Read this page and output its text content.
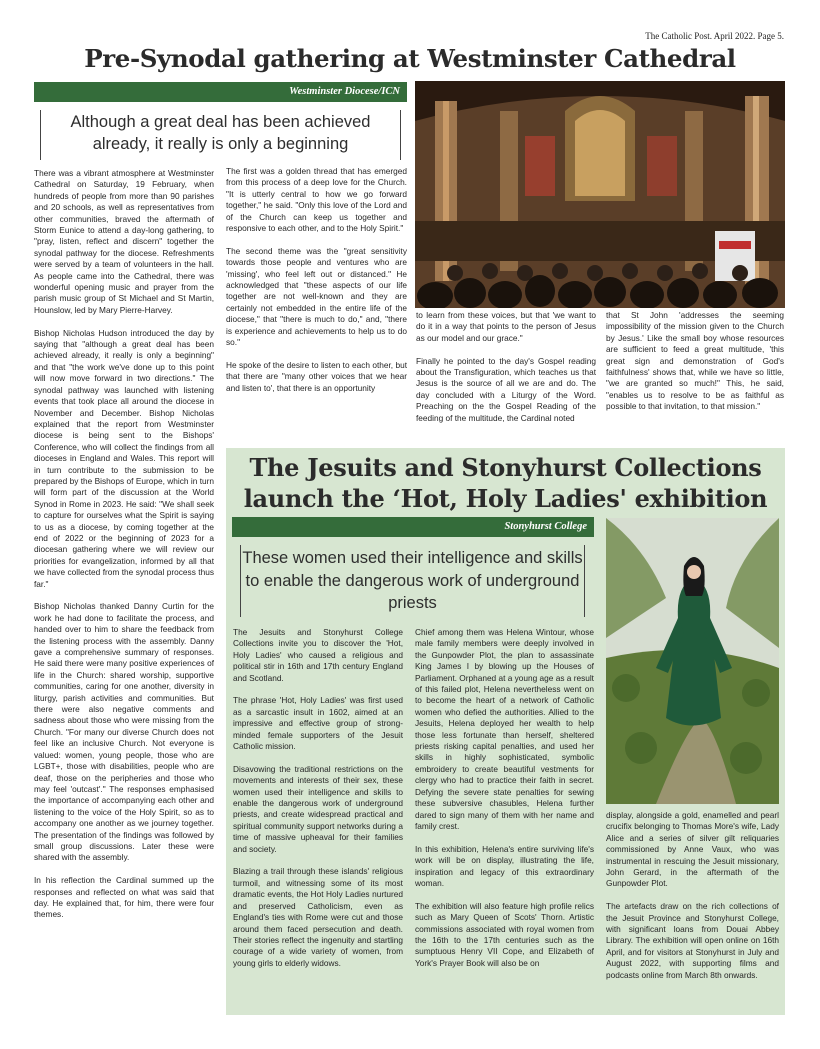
The Catholic Post. April 2022. Page 5.
Pre-Synodal gathering at Westminster Cathedral
Westminster Diocese/ICN
Although a great deal has been achieved already, it really is only a beginning

There was a vibrant atmosphere at Westminster Cathedral on Saturday, 19 February, when hundreds of people from more than 90 parishes and 20 schools, as well as representatives from other communities, braved the aftermath of Storm Eunice to attend a day-long gathering, to "pray, listen, reflect and discern" together the synodal pathway for the diocese. Refreshments were served by a team of volunteers in the hall. As people came into the Cathedral, there was wonderful opening music and prayer from the parish music group of St Michael and St Martin, Hounslow, led by Mary Pierre-Harvey.

Bishop Nicholas Hudson introduced the day by saying that "although a great deal has been achieved already, it really is only a beginning" and that "the work we've done up to this point will now move forward in two directions." The synodal pathway was launched with listening events that took place all around the diocese in November and December. Bishop Nicholas explained that the report from Westminster diocese is being sent to the Bishops' Conference, who will collect the findings from all dioceses in England and Wales. This report will in turn contribute to the submission to be prepared by the Bishops of Europe, which in turn will form part of the discussion at the World Synod in Rome in 2023. He said: "We shall seek to capture for ourselves what the Spirit is saying to us as a diocese, by coming together at the end of 2022 or the beginning of 2023 for a diocesan gathering where we will review our priorities for evangelization, informed by all that we have collected from the synodal process thus far."

Bishop Nicholas thanked Danny Curtin for the work he had done to facilitate the process, and handed over to him to share the feedback from the listening process with the assembly. Danny gave a comprehensive summary of responses. He said there were many positive experiences of life in the Church: shared worship, supportive communities, caring for one another, diversity in liturgy, parish activities and communities. But there were also negative comments and sadness about those who were missing from the Church. "For many our diverse Church does not feel like an inclusive Church. Not everyone is valued: women, young people, those who are LGBT+, those with disabilities, people who are deaf, those on the peripheries and those who may feel 'outcast'." The responses emphasised the importance of accompanying each other and listening to the voice of the Holy Spirit, so as to accompany one another as we journey together. The presentation of the findings was followed by small group discussions. Later these were shared with the assembly.

In his reflection the Cardinal summed up the responses and reflected on what was said that day. He explained that, for him, there were four themes.

The first was a golden thread that has emerged from this process of a deep love for the Church. "It is utterly central to how we go forward together," he said. "Only this love of the Lord and of the Church can keep us together and responsive to each other, and to the Holy Spirit."

The second theme was the "great sensitivity towards those people and ventures who are 'missing', who feel left out or distanced." He acknowledged that "these aspects of our life together are not well-known and they are certainly not embedded in the entire life of the diocese," that "there is much to do," and, "there is experience and achievements to help us to do so."

He spoke of the desire to listen to each other, but that there are "many other voices that we hear and listen to', that there is an opportunity

to learn from these voices, but that 'we want to do it in a way that points to the person of Jesus as our model and our grace."

Finally he pointed to the day's Gospel reading about the Transfiguration, which teaches us that Jesus is the source of all we are and do. The day concluded with a Liturgy of the Word. Preaching on the the Gospel Reading of the feeding of the multitude, the Cardinal noted

that St John 'addresses the seeming impossibility of the mission given to the Church by Jesus.' Like the small boy whose resources are sufficient to feed a great multitude, 'this great sign and demonstration of God's faithfulness' shows that, while we have so little, "we are granted so much!" This, he said, "enables us to resolve to be as faithful as possible to that invitation, to that mission."

The Jesuits and Stonyhurst Collections
launch the ‘Hot, Holy Ladies' exhibition
Stonyhurst College
These women used their intelligence and skills to enable the dangerous work of underground priests

The Jesuits and Stonyhurst College Collections invite you to discover the 'Hot, Holy Ladies' who caused a religious and political stir in 16th and 17th century England and Scotland.

The phrase 'Hot, Holy Ladies' was first used as a sarcastic insult in 1602, aimed at an impressive and effective group of strong-minded female supporters of the Jesuit Catholic mission.

Disavowing the traditional restrictions on the movements and interests of their sex, these women used their intelligence and skills to enable the dangerous work of underground priests, and create widespread practical and spiritual community support networks during a time of massive upheaval for their families and society.

Blazing a trail through these islands' religious turmoil, and witnessing some of its most dramatic events, the Hot Holy Ladies nurtured and preserved Catholicism, even as England's ties with Rome were cut and those around them faced persecution and death. Their stories reflect the ingenuity and startling courage of a wide variety of women, from young girls to elderly widows.

Chief among them was Helena Wintour, whose male family members were deeply involved in the Gunpowder Plot, the plan to assassinate King James I by blowing up the Houses of Parliament. Orphaned at a young age as a result of this failed plot, Helena nevertheless went on to become the heart of a network of Catholic women who defied the authorities. Allied to the Jesuits, Helena deployed her wealth to help those less fortunate than herself, sheltered priests risking capital penalties, and used her skills in highly sophisticated, symbolic embroidery to create beautiful vestments for clergy who had to practice their faith in secret. Defying the severe state penalties for sewing these subversive chasubles, Helena further dared to sign many of them with her name and family crest.

In this exhibition, Helena's entire surviving life's work will be on display, illustrating the life, inspiration and legacy of this extraordinary woman.

The exhibition will also feature high profile relics such as Mary Queen of Scots' Thorn. Artistic commissions associated with royal women from the 16th to the 17th centuries such as the sumptuous Henry VII Cope, and Elizabeth of York's Prayer Book will also be on

display, alongside a gold, enamelled and pearl crucifix belonging to Thomas More's wife, Lady Alice and a series of silver gilt reliquaries commissioned by Anne Vaux, who was instrumental in rescuing the Jesuit missionary, John Gerard, in the aftermath of the Gunpowder Plot.

The artefacts draw on the rich collections of the Jesuit Province and Stonyhurst College, with significant loans from Douai Abbey Library. The exhibition will open online on 16th April, and for visitors at Stonyhurst in July and August 2022, with supporting films and podcasts online from March 8th onwards.
